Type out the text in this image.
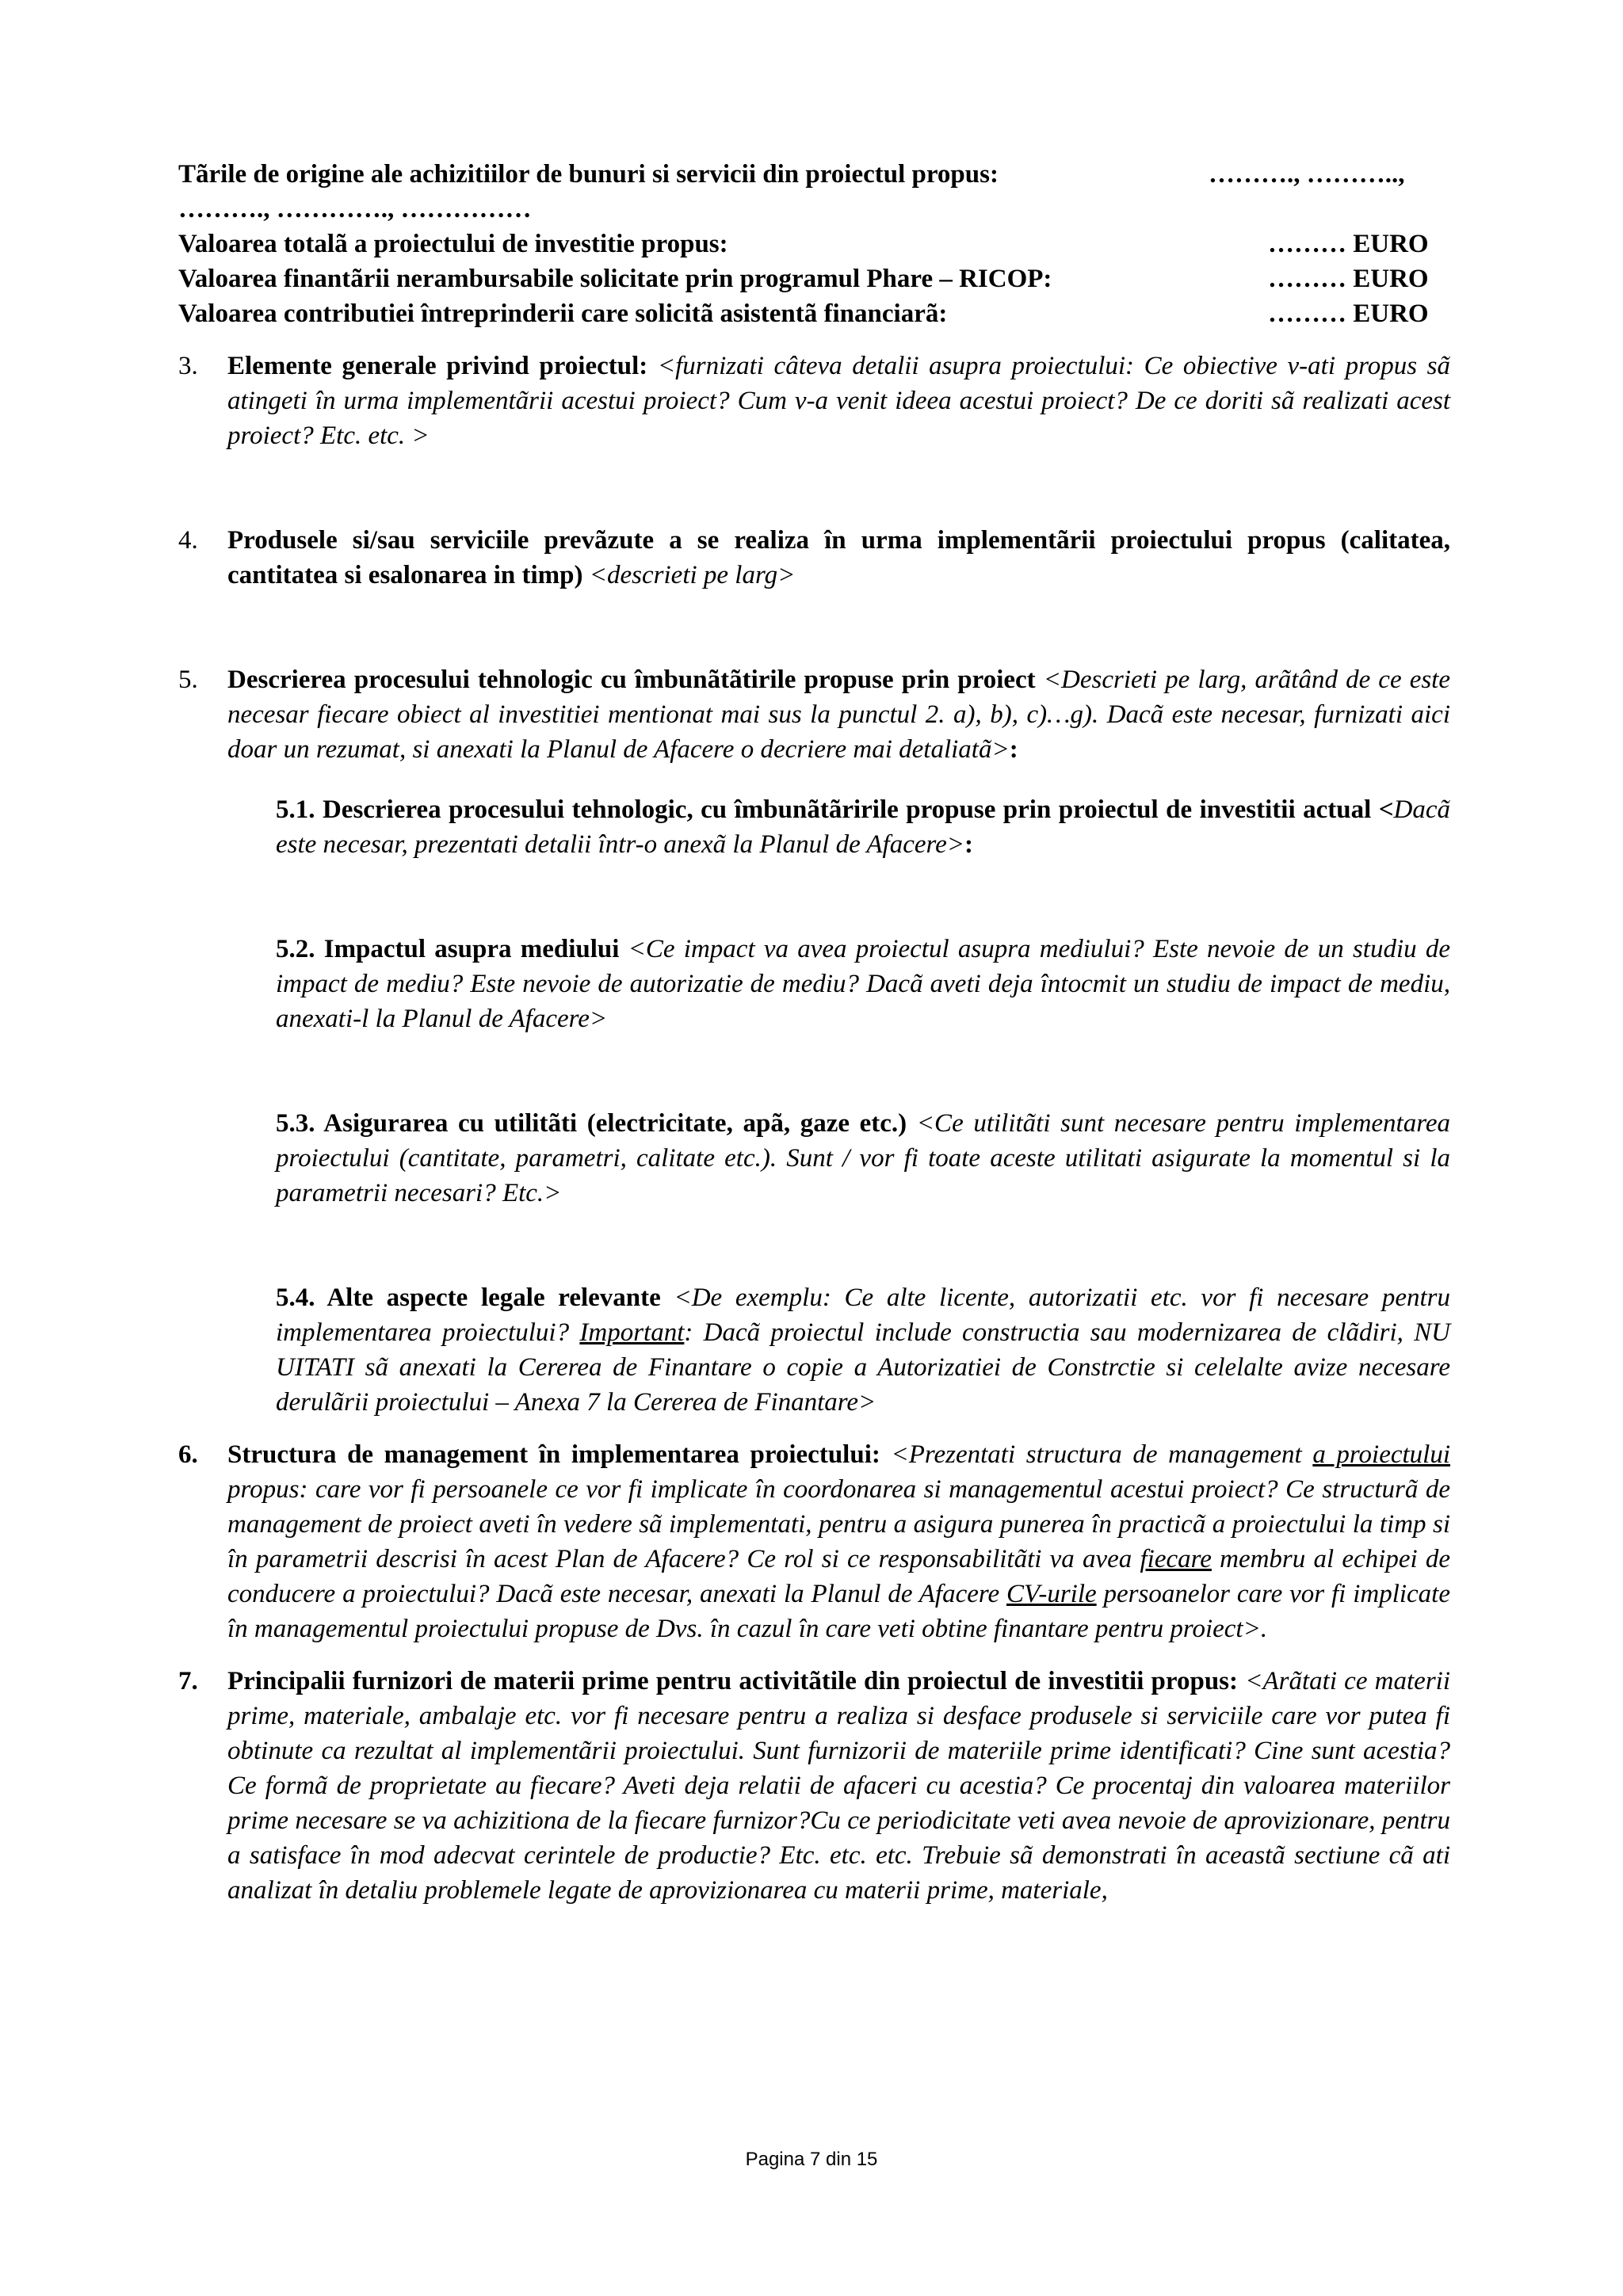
Tãrile de origine ale achizitiilor de bunuri si servicii din proiectul propus:	………., ………..,
………., …………., ……………
Valoarea totalã a proiectului de investitie propus:	……… EURO
Valoarea finantãrii nerambursabile solicitate prin programul Phare – RICOP:	……… EURO
Valoarea contributiei întreprinderii care solicitã asistentã financiarã:	……… EURO
3. Elemente generale privind proiectul: <furnizati câteva detalii asupra proiectului: Ce obiective v-ati propus sã atingeti în urma implementãrii acestui proiect? Cum v-a venit ideea acestui proiect? De ce doriti sã realizati acest proiect? Etc. etc. >
4. Produsele si/sau serviciile prevãzute a se realiza în urma implementãrii proiectului propus (calitatea, cantitatea si esalonarea in timp) <descrieti pe larg>
5. Descrierea procesului tehnologic cu îmbunãtãtirile propuse prin proiect <Descrieti pe larg, arãtând de ce este necesar fiecare obiect al investitiei mentionat mai sus la punctul 2. a), b), c)…g). Dacã este necesar, furnizati aici doar un rezumat, si anexati la Planul de Afacere o decriere mai detaliatã>:
5.1. Descrierea procesului tehnologic, cu îmbunãtãririle propuse prin proiectul de investitii actual <Dacã este necesar, prezentati detalii într-o anexã la Planul de Afacere>:
5.2. Impactul asupra mediului <Ce impact va avea proiectul asupra mediului? Este nevoie de un studiu de impact de mediu? Este nevoie de autorizatie de mediu? Dacã aveti deja întocmit un studiu de impact de mediu, anexati-l la Planul de Afacere>
5.3. Asigurarea cu utilitãti (electricitate, apã, gaze etc.) <Ce utilitãti sunt necesare pentru implementarea proiectului (cantitate, parametri, calitate etc.). Sunt / vor fi toate aceste utilitati asigurate la momentul si la parametrii necesari? Etc.>
5.4. Alte aspecte legale relevante <De exemplu: Ce alte licente, autorizatii etc. vor fi necesare pentru implementarea proiectului? Important: Dacã proiectul include constructia sau modernizarea de clãdiri, NU UITATI sã anexati la Cererea de Finantare o copie a Autorizatiei de Constrctie si celelalte avize necesare derulãrii proiectului – Anexa 7 la Cererea de Finantare>
6. Structura de management în implementarea proiectului: <Prezentati structura de management a proiectului propus: care vor fi persoanele ce vor fi implicate în coordonarea si managementul acestui proiect? Ce structurã de management de proiect aveti în vedere sã implementati, pentru a asigura punerea în practicã a proiectului la timp si în parametrii descrisi în acest Plan de Afacere? Ce rol si ce responsabilitãti va avea fiecare membru al echipei de conducere a proiectului? Dacã este necesar, anexati la Planul de Afacere CV-urile persoanelor care vor fi implicate în managementul proiectului propuse de Dvs. în cazul în care veti obtine finantare pentru proiect>.
7. Principalii furnizori de materii prime pentru activitãtile din proiectul de investitii propus: <Arãtati ce materii prime, materiale, ambalaje etc. vor fi necesare pentru a realiza si desface produsele si serviciile care vor putea fi obtinute ca rezultat al implementãrii proiectului. Sunt furnizorii de materiile prime identificati? Cine sunt acestia? Ce formã de proprietate au fiecare? Aveti deja relatii de afaceri cu acestia? Ce procentaj din valoarea materiilor prime necesare se va achizitiona de la fiecare furnizor?Cu ce periodicitate veti avea nevoie de aprovizionare, pentru a satisface în mod adecvat cerintele de productie? Etc. etc. etc. Trebuie sã demonstrati în aceastã sectiune cã ati analizat în detaliu problemele legate de aprovizionarea cu materii prime, materiale,
Pagina 7 din 15
